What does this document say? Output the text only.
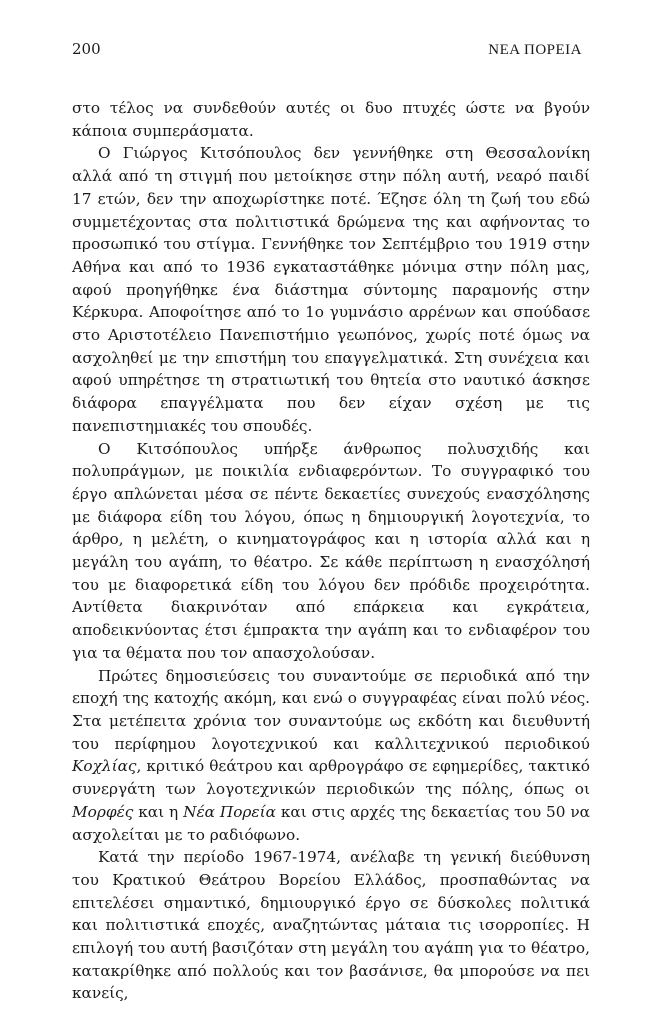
200	ΝΕΑ ΠΟΡΕΙΑ

στο τέλος να συνδεθούν αυτές οι δυο πτυχές ώστε να βγούν κάποια συμπεράσματα.

Ο Γιώργος Κιτσόπουλος δεν γεννήθηκε στη Θεσσαλονίκη αλλά από τη στιγμή που μετοίκησε στην πόλη αυτή, νεαρό παιδί 17 ετών, δεν την αποχωρίστηκε ποτέ. Έζησε όλη τη ζωή του εδώ συμμετέχοντας στα πολιτιστικά δρώμενα της και αφήνοντας το προσωπικό του στίγμα. Γεννήθηκε τον Σεπτέμβριο του 1919 στην Αθήνα και από το 1936 εγκαταστάθηκε μόνιμα στην πόλη μας, αφού προηγήθηκε ένα διάστημα σύντομης παραμονής στην Κέρκυρα. Αποφοίτησε από το 1ο γυμνάσιο αρρένων και σπούδασε στο Αριστοτέλειο Πανεπιστήμιο γεωπόνος, χωρίς ποτέ όμως να ασχοληθεί με την επιστήμη του επαγγελματικά. Στη συνέχεια και αφού υπηρέτησε τη στρατιωτική του θητεία στο ναυτικό άσκησε διάφορα επαγγέλματα που δεν είχαν σχέση με τις πανεπιστημιακές του σπουδές.

Ο Κιτσόπουλος υπήρξε άνθρωπος πολυσχιδής και πολυπράγμων, με ποικιλία ενδιαφερόντων. Το συγγραφικό του έργο απλώνεται μέσα σε πέντε δεκαετίες συνεχούς ενασχόλησης με διάφορα είδη του λόγου, όπως η δημιουργική λογοτεχνία, το άρθρο, η μελέτη, ο κινηματογράφος και η ιστορία αλλά και η μεγάλη του αγάπη, το θέατρο. Σε κάθε περίπτωση η ενασχόλησή του με διαφορετικά είδη του λόγου δεν πρόδιδε προχειρότητα. Αντίθετα διακρινόταν από επάρκεια και εγκράτεια, αποδεικνύοντας έτσι έμπρακτα την αγάπη και το ενδιαφέρον του για τα θέματα που τον απασχολούσαν.

Πρώτες δημοσιεύσεις του συναντούμε σε περιοδικά από την εποχή της κατοχής ακόμη, και ενώ ο συγγραφέας είναι πολύ νέος. Στα μετέπειτα χρόνια τον συναντούμε ως εκδότη και διευθυντή του περίφημου λογοτεχνικού και καλλιτεχνικού περιοδικού Κοχλίας, κριτικό θεάτρου και αρθρογράφο σε εφημερίδες, τακτικό συνεργάτη των λογοτεχνικών περιοδικών της πόλης, όπως οι Μορφές και η Νέα Πορεία και στις αρχές της δεκαετίας του 50 να ασχολείται με το ραδιόφωνο.

Κατά την περίοδο 1967-1974, ανέλαβε τη γενική διεύθυνση του Κρατικού Θεάτρου Βορείου Ελλάδος, προσπαθώντας να επιτελέσει σημαντικό, δημιουργικό έργο σε δύσκολες πολιτικά και πολιτιστικά εποχές, αναζητώντας μάταια τις ισορροπίες. Η επιλογή του αυτή βασιζόταν στη μεγάλη του αγάπη για το θέατρο, κατακρίθηκε από πολλούς και τον βασάνισε, θα μπορούσε να πει κανείς,
